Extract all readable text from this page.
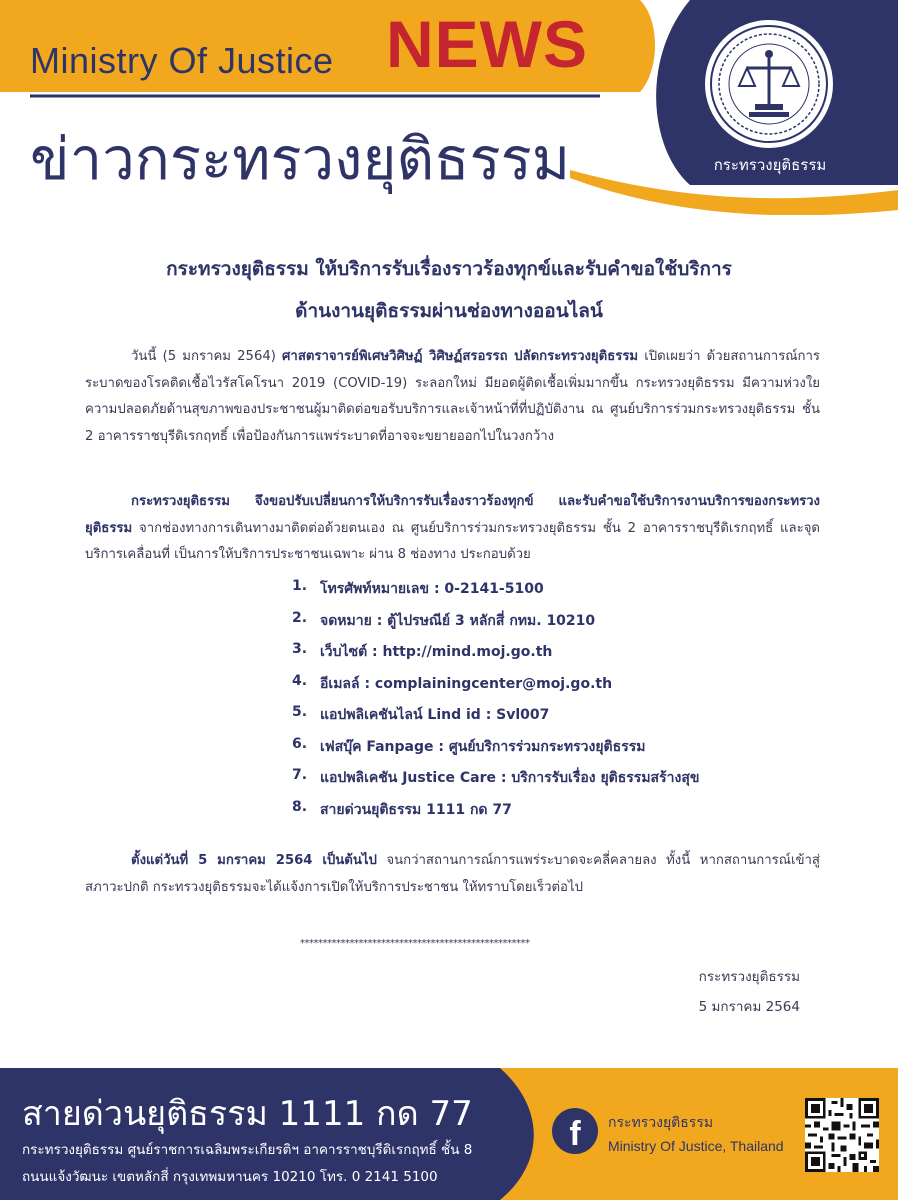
Ministry Of Justice NEWS
ข่าวกระทรวงยุติธรรม	กระทรวงยุติธรรม
กระทรวงยุติธรรม ให้บริการรับเรื่องราวร้องทุกข์และรับคำขอใช้บริการ
ด้านงานยุติธรรมผ่านช่องทางออนไลน์

วันนี้ (5 มกราคม 2564) ศาสตราจารย์พิเศษวิศิษฏ์ วิศิษฏ์สรอรรถ ปลัดกระทรวงยุติธรรม เปิดเผยว่า ด้วยสถานการณ์การระบาดของโรคติดเชื้อไวรัสโคโรนา 2019 (COVID-19) ระลอกใหม่ มียอดผู้ติดเชื้อเพิ่มมากขึ้น กระทรวงยุติธรรม มีความห่วงใยความปลอดภัยด้านสุขภาพของประชาชนผู้มาติดต่อขอรับบริการและเจ้าหน้าที่ที่ปฏิบัติงาน ณ ศูนย์บริการร่วมกระทรวงยุติธรรม ชั้น 2 อาคารราชบุรีดิเรกฤทธิ์ เพื่อป้องกันการแพร่ระบาดที่อาจจะขยายออกไปในวงกว้าง

กระทรวงยุติธรรม จึงขอปรับเปลี่ยนการให้บริการรับเรื่องราวร้องทุกข์ และรับคำขอใช้บริการงานบริการของกระทรวงยุติธรรม จากช่องทางการเดินทางมาติดต่อด้วยตนเอง ณ ศูนย์บริการร่วมกระทรวงยุติธรรม ชั้น 2 อาคารราชบุรีดิเรกฤทธิ์ และจุดบริการเคลื่อนที่ เป็นการให้บริการประชาชนเฉพาะ ผ่าน 8 ช่องทาง ประกอบด้วย

1. โทรศัพท์หมายเลข : 0-2141-5100
2. จดหมาย : ตู้ไปรษณีย์ 3 หลักสี่ กทม. 10210
3. เว็บไซต์ : http://mind.moj.go.th
4. อีเมลล์ : complainingcenter@moj.go.th
5. แอปพลิเคชันไลน์ Lind id : Svl007
6. เฟสบุ๊ค Fanpage : ศูนย์บริการร่วมกระทรวงยุติธรรม
7. แอปพลิเคชัน Justice Care : บริการรับเรื่อง ยุติธรรมสร้างสุข
8. สายด่วนยุติธรรม 1111 กด 77

ตั้งแต่วันที่ 5 มกราคม 2564 เป็นต้นไป จนกว่าสถานการณ์การแพร่ระบาดจะคลี่คลายลง ทั้งนี้ หากสถานการณ์เข้าสู่สภาวะปกติ กระทรวงยุติธรรมจะได้แจ้งการเปิดให้บริการประชาชน ให้ทราบโดยเร็วต่อไป

***************************************************
กระทรวงยุติธรรม
5 มกราคม 2564
สายด่วนยุติธรรม 1111 กด 77
กระทรวงยุติธรรม ศูนย์ราชการเฉลิมพระเกียรติฯ อาคารราชบุรีดิเรกฤทธิ์ ชั้น 8
ถนนแจ้งวัฒนะ เขตหลักสี่ กรุงเทพมหานคร 10210 โทร. 0 2141 5100
f	กระทรวงยุติธรรม
Ministry Of Justice, Thailand
